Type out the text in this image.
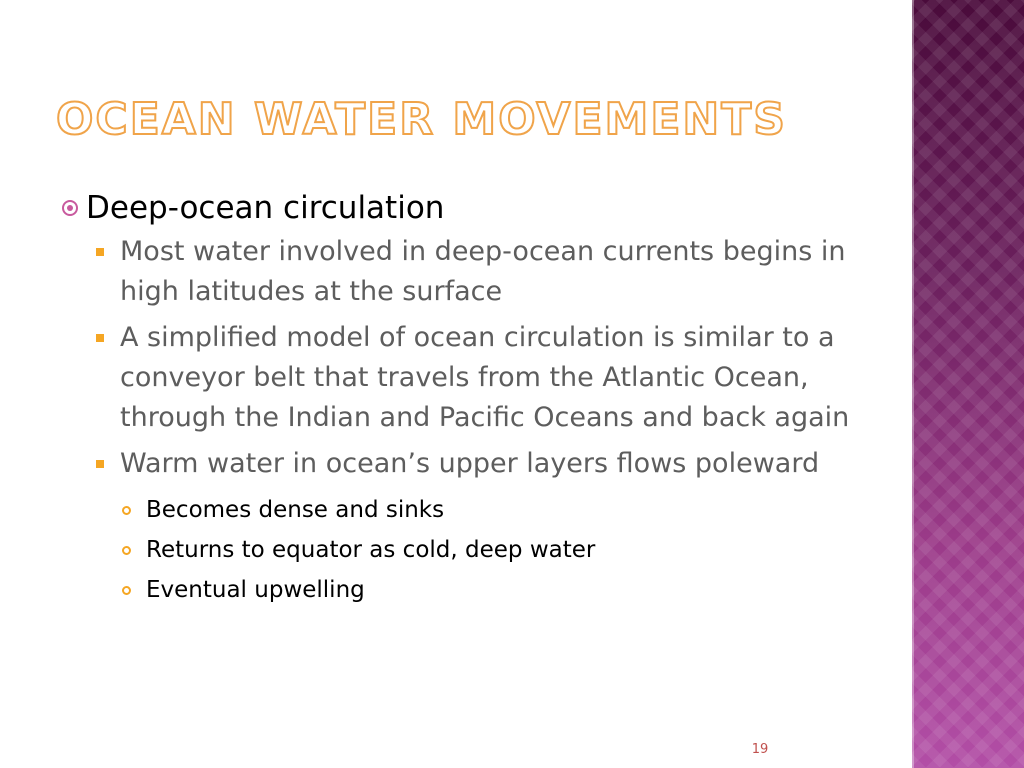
OCEAN WATER MOVEMENTS
Deep-ocean circulation
Most water involved in deep-ocean currents begins in high latitudes at the surface
A simplified model of ocean circulation is similar to a conveyor belt that travels from the Atlantic Ocean, through the Indian and Pacific Oceans and back again
Warm water in ocean’s upper layers flows poleward
Becomes dense and sinks
Returns to equator as cold, deep water
Eventual upwelling
19
